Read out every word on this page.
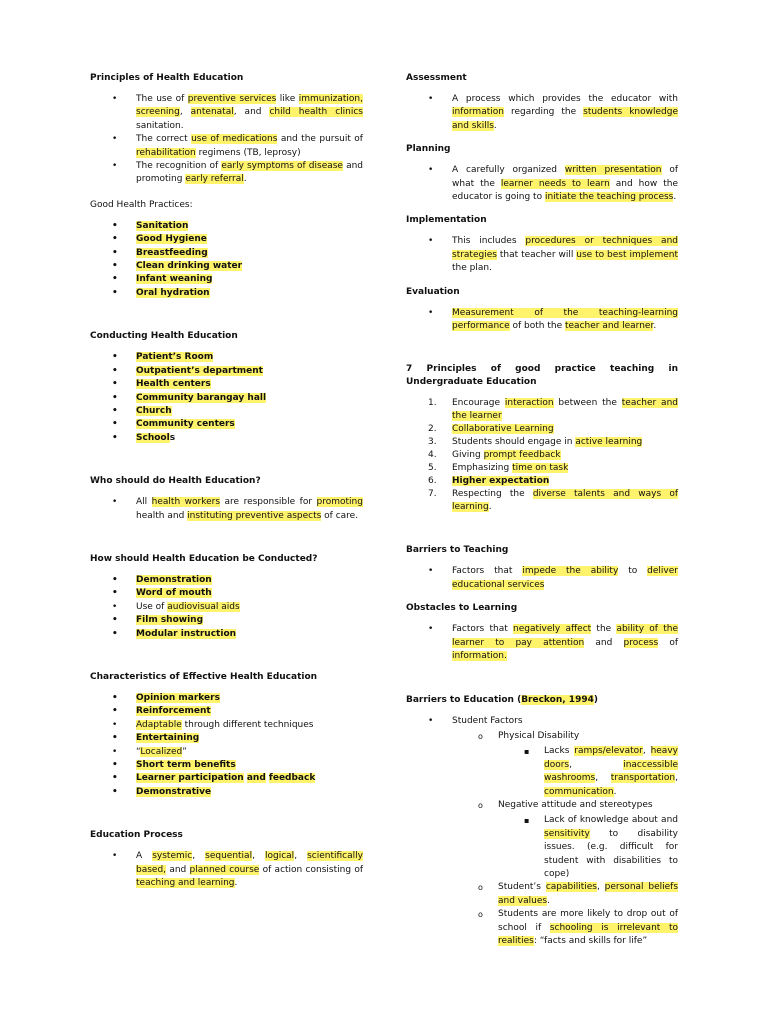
Principles of Health Education

• The use of preventive services like immunization, screening, antenatal, and child health clinics sanitation.
• The correct use of medications and the pursuit of rehabilitation regimens (TB, leprosy)
• The recognition of early symptoms of disease and promoting early referral.

Good Health Practices:

• Sanitation
• Good Hygiene
• Breastfeeding
• Clean drinking water
• Infant weaning
• Oral hydration

Conducting Health Education

• Patient’s Room
• Outpatient’s department
• Health centers
• Community barangay hall
• Church
• Community centers
• Schools

Who should do Health Education?

• All health workers are responsible for promoting health and instituting preventive aspects of care.

How should Health Education be Conducted?

• Demonstration
• Word of mouth
• Use of audiovisual aids
• Film showing
• Modular instruction

Characteristics of Effective Health Education

• Opinion markers
• Reinforcement
• Adaptable through different techniques
• Entertaining
• “Localized”
• Short term benefits
• Learner participation and feedback
• Demonstrative

Education Process

• A systemic, sequential, logical, scientifically based, and planned course of action consisting of teaching and learning.

Assessment

• A process which provides the educator with information regarding the students knowledge and skills.

Planning

• A carefully organized written presentation of what the learner needs to learn and how the educator is going to initiate the teaching process.

Implementation

• This includes procedures or techniques and strategies that teacher will use to best implement the plan.

Evaluation

• Measurement of the teaching-learning performance of both the teacher and learner.

7 Principles of good practice teaching in Undergraduate Education

1. Encourage interaction between the teacher and the learner
2. Collaborative Learning
3. Students should engage in active learning
4. Giving prompt feedback
5. Emphasizing time on task
6. Higher expectation
7. Respecting the diverse talents and ways of learning.

Barriers to Teaching

• Factors that impede the ability to deliver educational services

Obstacles to Learning

• Factors that negatively affect the ability of the learner to pay attention and process of information.

Barriers to Education (Breckon, 1994)

• Student Factors
o Physical Disability
▪ Lacks ramps/elevator, heavy doors, inaccessible washrooms, transportation, communication.
o Negative attitude and stereotypes
▪ Lack of knowledge about and sensitivity to disability issues. (e.g. difficult for student with disabilities to cope)
o Student’s capabilities, personal beliefs and values.
o Students are more likely to drop out of school if schooling is irrelevant to realities: “facts and skills for life”
